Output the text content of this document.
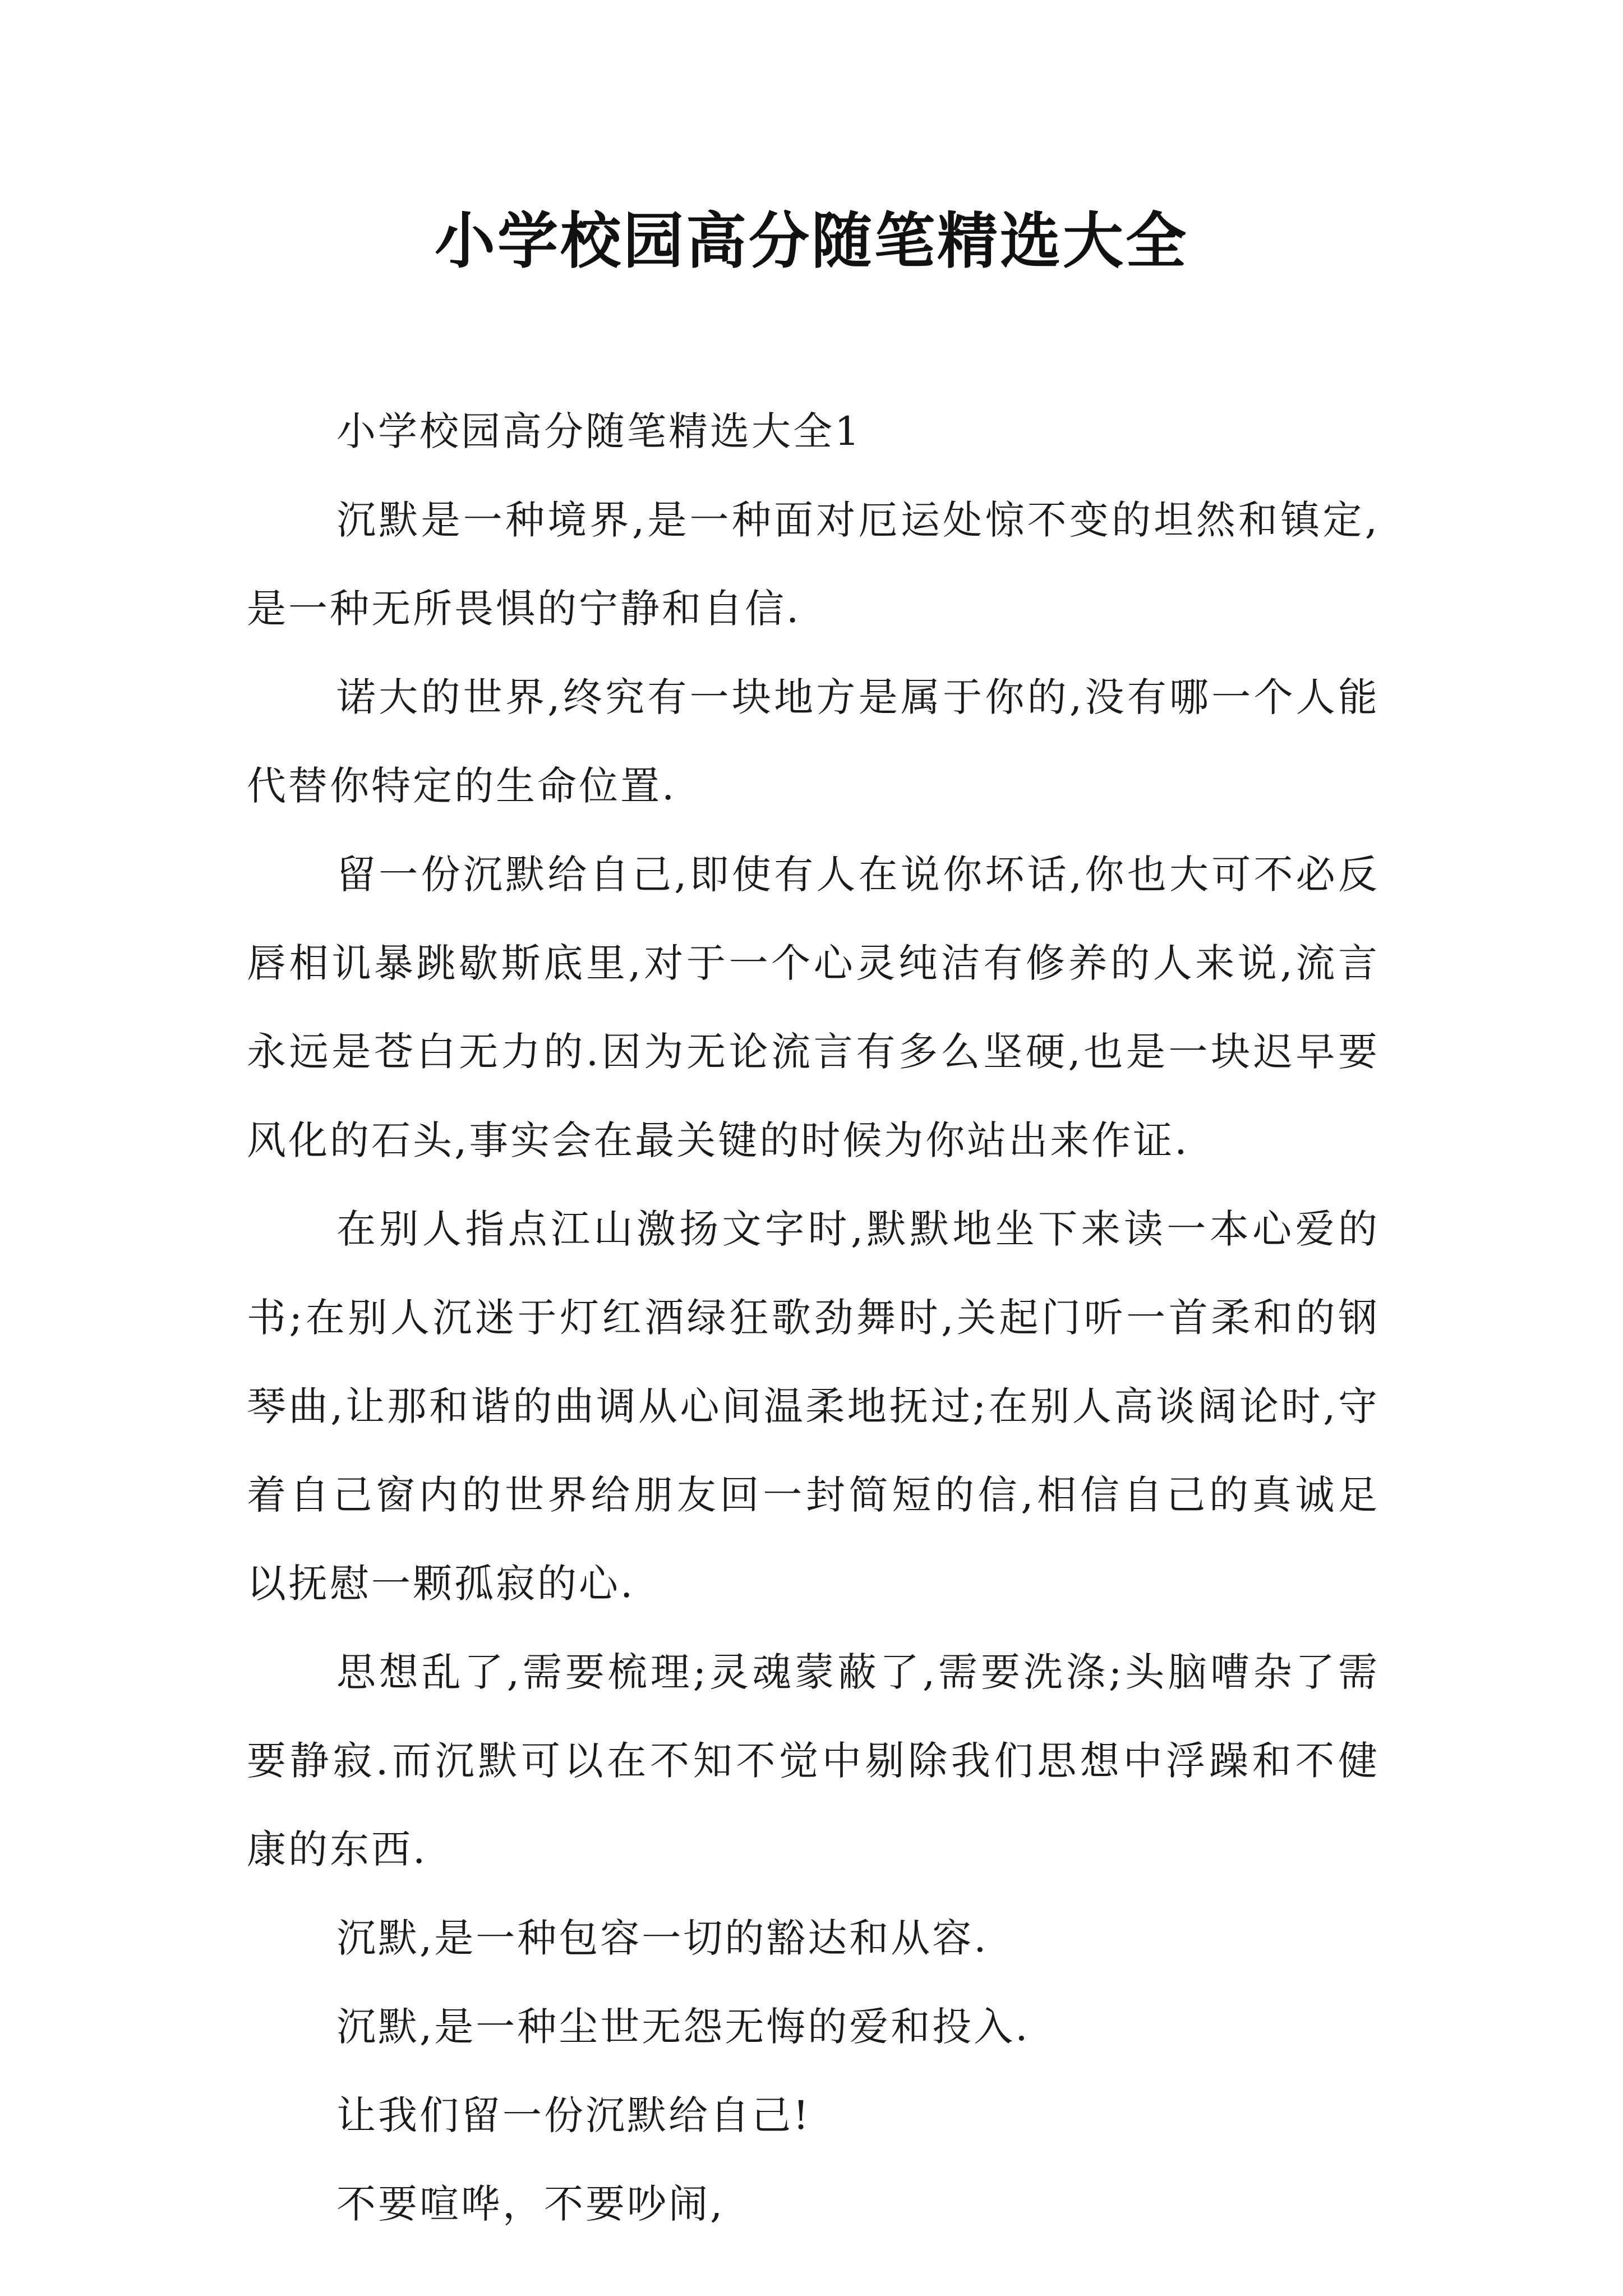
小学校园高分随笔精选大全

小学校园高分随笔精选大全1

沉默是一种境界,是一种面对厄运处惊不变的坦然和镇定,是一种无所畏惧的宁静和自信.

诺大的世界,终究有一块地方是属于你的,没有哪一个人能代替你特定的生命位置.

留一份沉默给自己,即使有人在说你坏话,你也大可不必反唇相讥暴跳歇斯底里,对于一个心灵纯洁有修养的人来说,流言永远是苍白无力的.因为无论流言有多么坚硬,也是一块迟早要风化的石头,事实会在最关键的时候为你站出来作证.

在别人指点江山激扬文字时,默默地坐下来读一本心爱的书;在别人沉迷于灯红酒绿狂歌劲舞时,关起门听一首柔和的钢琴曲,让那和谐的曲调从心间温柔地抚过;在别人高谈阔论时,守着自己窗内的世界给朋友回一封简短的信,相信自己的真诚足以抚慰一颗孤寂的心.

思想乱了,需要梳理;灵魂蒙蔽了,需要洗涤;头脑嘈杂了需要静寂.而沉默可以在不知不觉中剔除我们思想中浮躁和不健康的东西.

沉默,是一种包容一切的豁达和从容.

沉默,是一种尘世无怨无悔的爱和投入.

让我们留一份沉默给自己!

不要喧哗，不要吵闹,
